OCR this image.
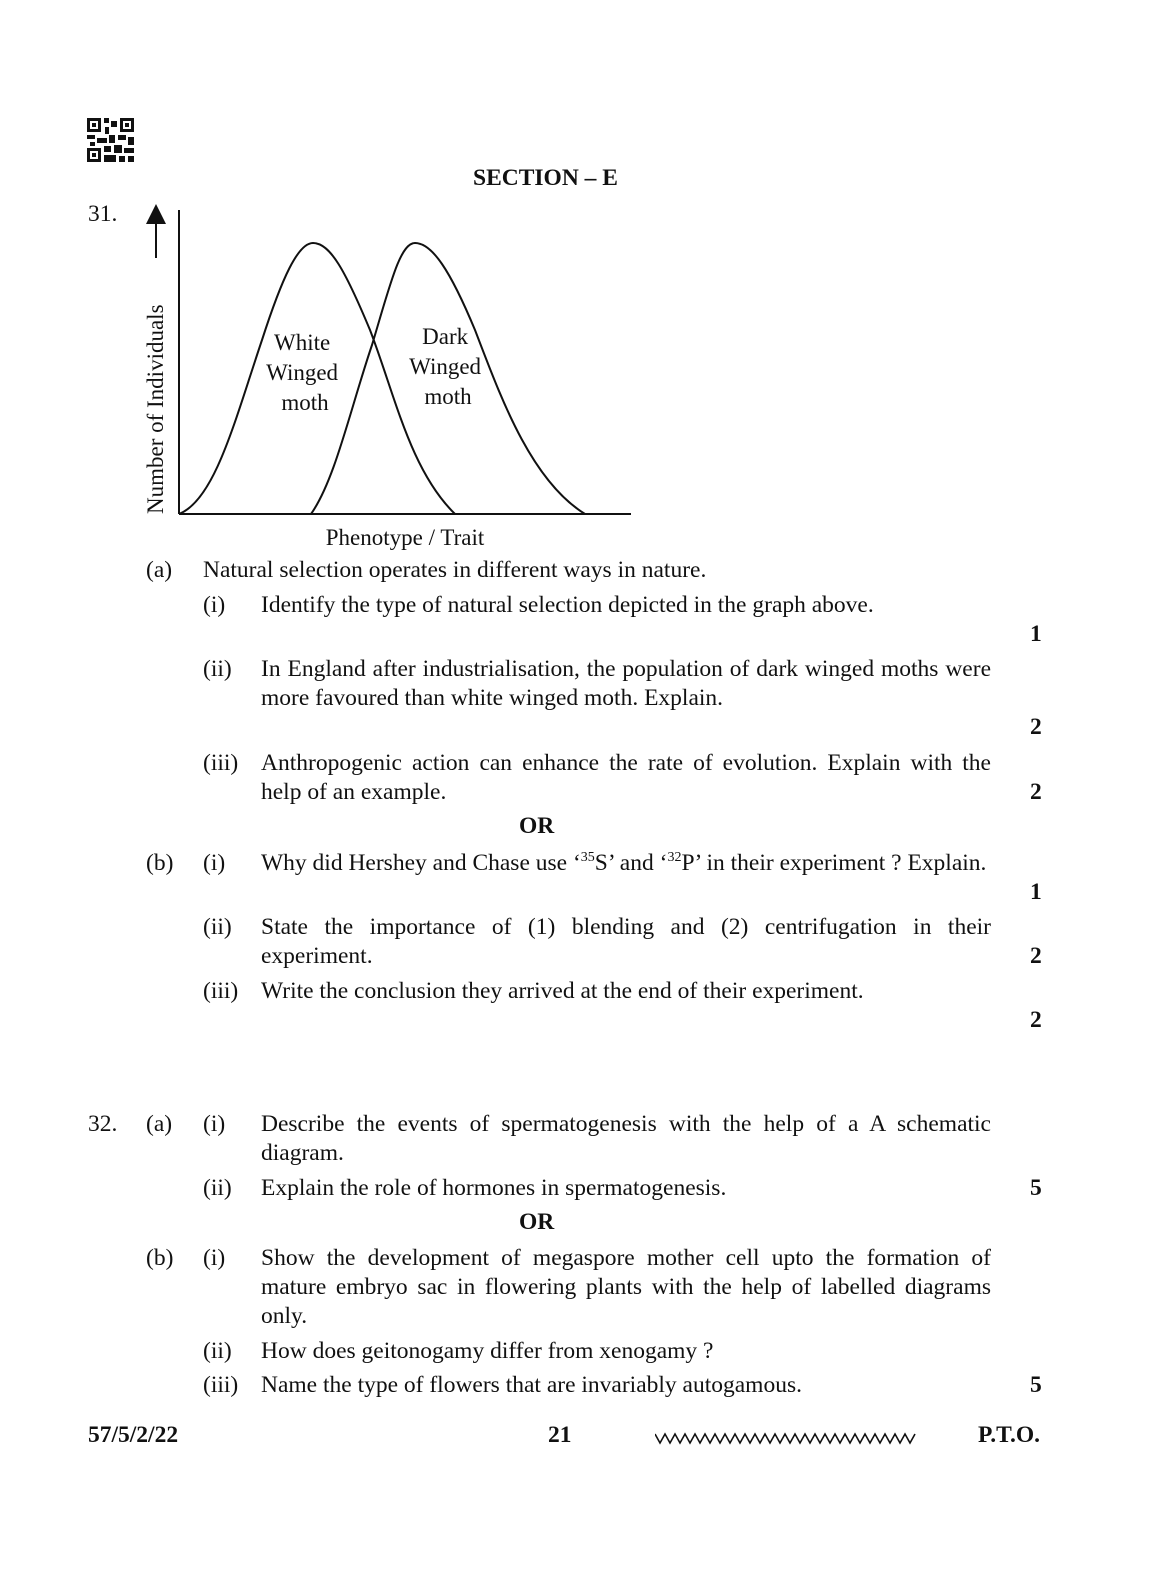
SECTION – E
31.
Number of Individuals
Phenotype / Trait
White Winged moth
Dark Winged moth
(a) Natural selection operates in different ways in nature.
(i) Identify the type of natural selection depicted in the graph above.
1
(ii) In England after industrialisation, the population of dark winged moths were more favoured than white winged moth. Explain.
2
(iii) Anthropogenic action can enhance the rate of evolution. Explain with the help of an example.	2
OR
(b) (i) Why did Hershey and Chase use ‘$^{35}$S’ and ‘$^{32}$P’ in their experiment ? Explain.
1
(ii) State the importance of (1) blending and (2) centrifugation in their experiment.	2
(iii) Write the conclusion they arrived at the end of their experiment.
2
32. (a) (i) Describe the events of spermatogenesis with the help of a A schematic diagram.
(ii) Explain the role of hormones in spermatogenesis.	5
OR
(b) (i) Show the development of megaspore mother cell upto the formation of mature embryo sac in flowering plants with the help of labelled diagrams only.
(ii) How does geitonogamy differ from xenogamy ?
(iii) Name the type of flowers that are invariably autogamous.	5
57/5/2/22	21	P.T.O.
